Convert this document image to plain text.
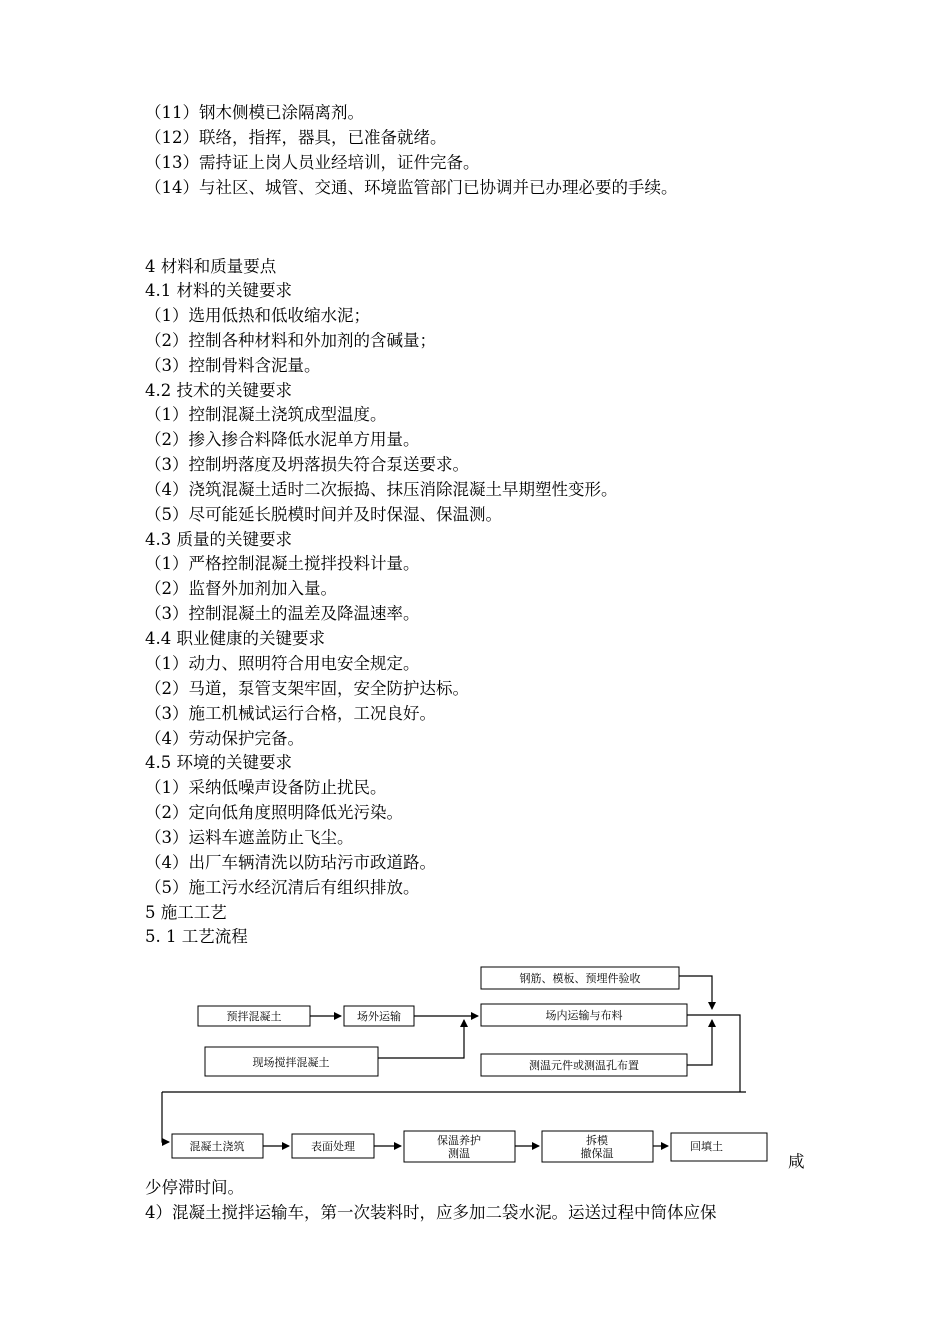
（11）钢木侧模已涂隔离剂。
（12）联络，指挥，器具，已准备就绪。
（13）需持证上岗人员业经培训，证件完备。
（14）与社区、城管、交通、环境监管部门已协调并已办理必要的手续。
4 材料和质量要点
4.1 材料的关键要求
（1）选用低热和低收缩水泥；
（2）控制各种材料和外加剂的含碱量；
（3）控制骨料含泥量。
4.2 技术的关键要求
（1）控制混凝土浇筑成型温度。
（2）掺入掺合料降低水泥单方用量。
（3）控制坍落度及坍落损失符合泵送要求。
（4）浇筑混凝土适时二次振捣、抹压消除混凝土早期塑性变形。
（5）尽可能延长脱模时间并及时保湿、保温测。
4.3 质量的关键要求
（1）严格控制混凝土搅拌投料计量。
（2）监督外加剂加入量。
（3）控制混凝土的温差及降温速率。
4.4 职业健康的关键要求
（1）动力、照明符合用电安全规定。
（2）马道，泵管支架牢固，安全防护达标。
（3）施工机械试运行合格，工况良好。
（4）劳动保护完备。
4.5 环境的关键要求
（1）采纳低噪声设备防止扰民。
（2）定向低角度照明降低光污染。
（3）运料车遮盖防止飞尘。
（4）出厂车辆清洗以防玷污市政道路。
（5）施工污水经沉清后有组织排放。
5 施工工艺
5. 1 工艺流程
钢筋、模板、预埋件验收
预拌混凝土	场外运输	场内运输与布料
现场搅拌混凝土	测温元件或测温孔布置
混凝土浇筑	表面处理	保温养护
测温
拆模
撤保温
回填土
咸
少停滞时间。
4）混凝土搅拌运输车，第一次装料时，应多加二袋水泥。运送过程中筒体应保
